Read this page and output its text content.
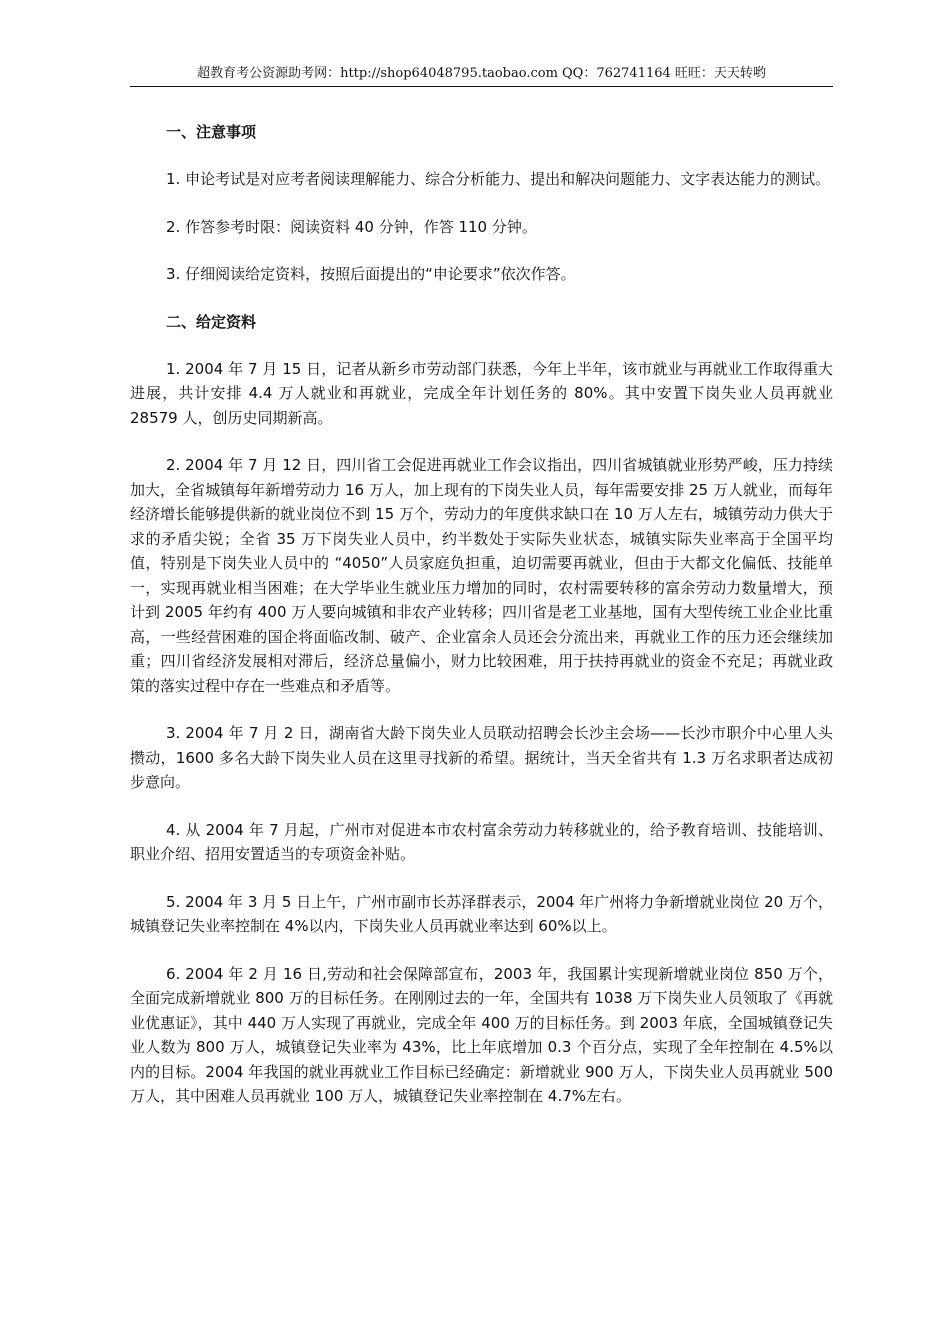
超教育考公资源助考网：http://shop64048795.taobao.com QQ：762741164 旺旺：天天转哟
一、注意事项
1. 申论考试是对应考者阅读理解能力、综合分析能力、提出和解决问题能力、文字表达能力的测试。
2. 作答参考时限：阅读资料 40 分钟，作答 110 分钟。
3. 仔细阅读给定资料，按照后面提出的“申论要求”依次作答。
二、给定资料
1. 2004 年 7 月 15 日，记者从新乡市劳动部门获悉，今年上半年，该市就业与再就业工作取得重大进展，共计安排 4.4 万人就业和再就业，完成全年计划任务的 80%。其中安置下岗失业人员再就业 28579 人，创历史同期新高。
2. 2004 年 7 月 12 日，四川省工会促进再就业工作会议指出，四川省城镇就业形势严峻，压力持续加大，全省城镇每年新增劳动力 16 万人，加上现有的下岗失业人员，每年需要安排 25 万人就业，而每年经济增长能够提供新的就业岗位不到 15 万个，劳动力的年度供求缺口在 10 万人左右，城镇劳动力供大于求的矛盾尖锐；全省 35 万下岗失业人员中，约半数处于实际失业状态，城镇实际失业率高于全国平均值，特别是下岗失业人员中的 “4050”人员家庭负担重，迫切需要再就业，但由于大都文化偏低、技能单一，实现再就业相当困难；在大学毕业生就业压力增加的同时，农村需要转移的富余劳动力数量增大，预计到 2005 年约有 400 万人要向城镇和非农产业转移；四川省是老工业基地，国有大型传统工业企业比重高，一些经营困难的国企将面临改制、破产、企业富余人员还会分流出来，再就业工作的压力还会继续加重；四川省经济发展相对滞后，经济总量偏小，财力比较困难，用于扶持再就业的资金不充足；再就业政策的落实过程中存在一些难点和矛盾等。
3. 2004 年 7 月 2 日，湖南省大龄下岗失业人员联动招聘会长沙主会场——长沙市职介中心里人头攒动，1600 多名大龄下岗失业人员在这里寻找新的希望。据统计，当天全省共有 1.3 万名求职者达成初步意向。
4. 从 2004 年 7 月起，广州市对促进本市农村富余劳动力转移就业的，给予教育培训、技能培训、职业介绍、招用安置适当的专项资金补贴。
5. 2004 年 3 月 5 日上午，广州市副市长苏泽群表示，2004 年广州将力争新增就业岗位 20 万个，城镇登记失业率控制在 4%以内，下岗失业人员再就业率达到 60%以上。
6. 2004 年 2 月 16 日,劳动和社会保障部宣布，2003 年，我国累计实现新增就业岗位 850 万个，全面完成新增就业 800 万的目标任务。在刚刚过去的一年，全国共有 1038 万下岗失业人员领取了《再就业优惠证》，其中 440 万人实现了再就业，完成全年 400 万的目标任务。到 2003 年底，全国城镇登记失业人数为 800 万人，城镇登记失业率为 43%，比上年底增加 0.3 个百分点，实现了全年控制在 4.5%以内的目标。2004 年我国的就业再就业工作目标已经确定：新增就业 900 万人，下岗失业人员再就业 500 万人，其中困难人员再就业 100 万人，城镇登记失业率控制在 4.7%左右。
